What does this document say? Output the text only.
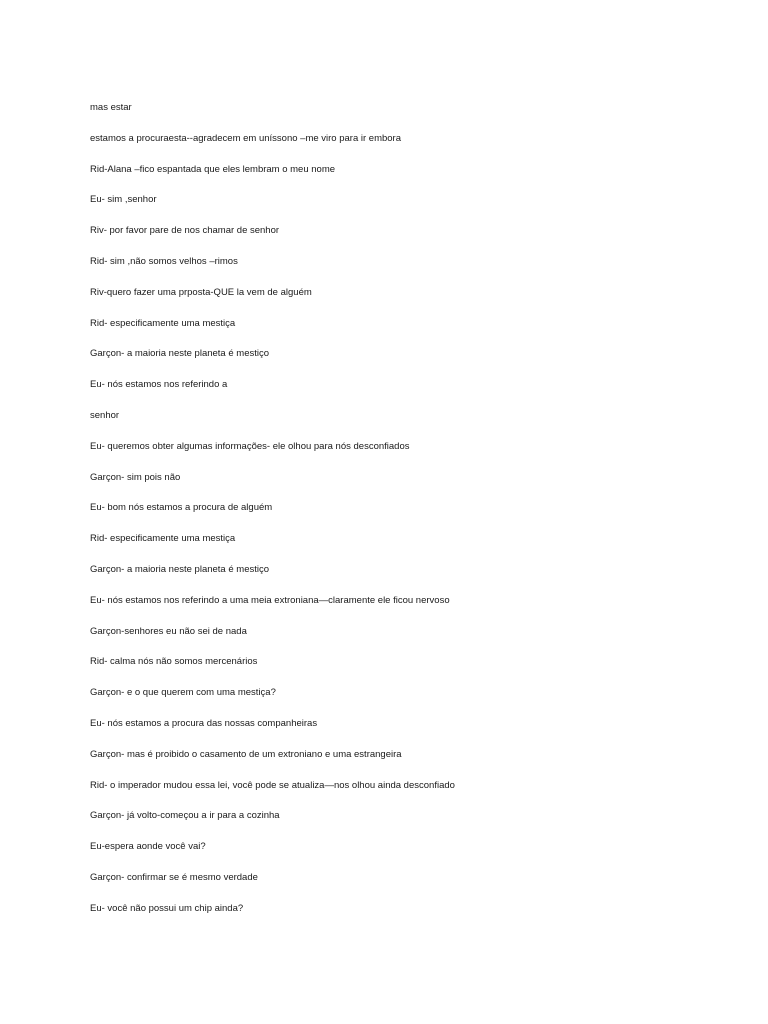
mas estar
estamos a procuraesta--agradecem em uníssono –me viro para ir embora
Rid-Alana –fico espantada que eles lembram o meu nome
Eu- sim ,senhor
Riv- por favor pare de nos chamar de senhor
Rid- sim ,não somos velhos –rimos
Riv-quero fazer uma prposta-QUE la vem de alguém
Rid- especificamente uma mestiça
Garçon- a maioria neste planeta é mestiço
Eu- nós estamos nos referindo a
senhor
Eu- queremos obter algumas informações- ele olhou para nós desconfiados
Garçon- sim pois não
Eu- bom nós estamos a procura de alguém
Rid- especificamente uma mestiça
Garçon- a maioria neste planeta é mestiço
Eu- nós estamos nos referindo a uma meia extroniana—claramente ele ficou nervoso
Garçon-senhores eu não sei de nada
Rid- calma nós não somos mercenários
Garçon- e o que querem com uma mestiça?
Eu- nós estamos a procura das nossas companheiras
Garçon- mas é proibido o casamento de um extroniano e uma estrangeira
Rid- o imperador mudou essa lei, você pode se atualiza—nos olhou ainda desconfiado
Garçon- já volto-começou a ir para a cozinha
Eu-espera aonde você vai?
Garçon- confirmar se é mesmo verdade
Eu- você não possui um chip ainda?
